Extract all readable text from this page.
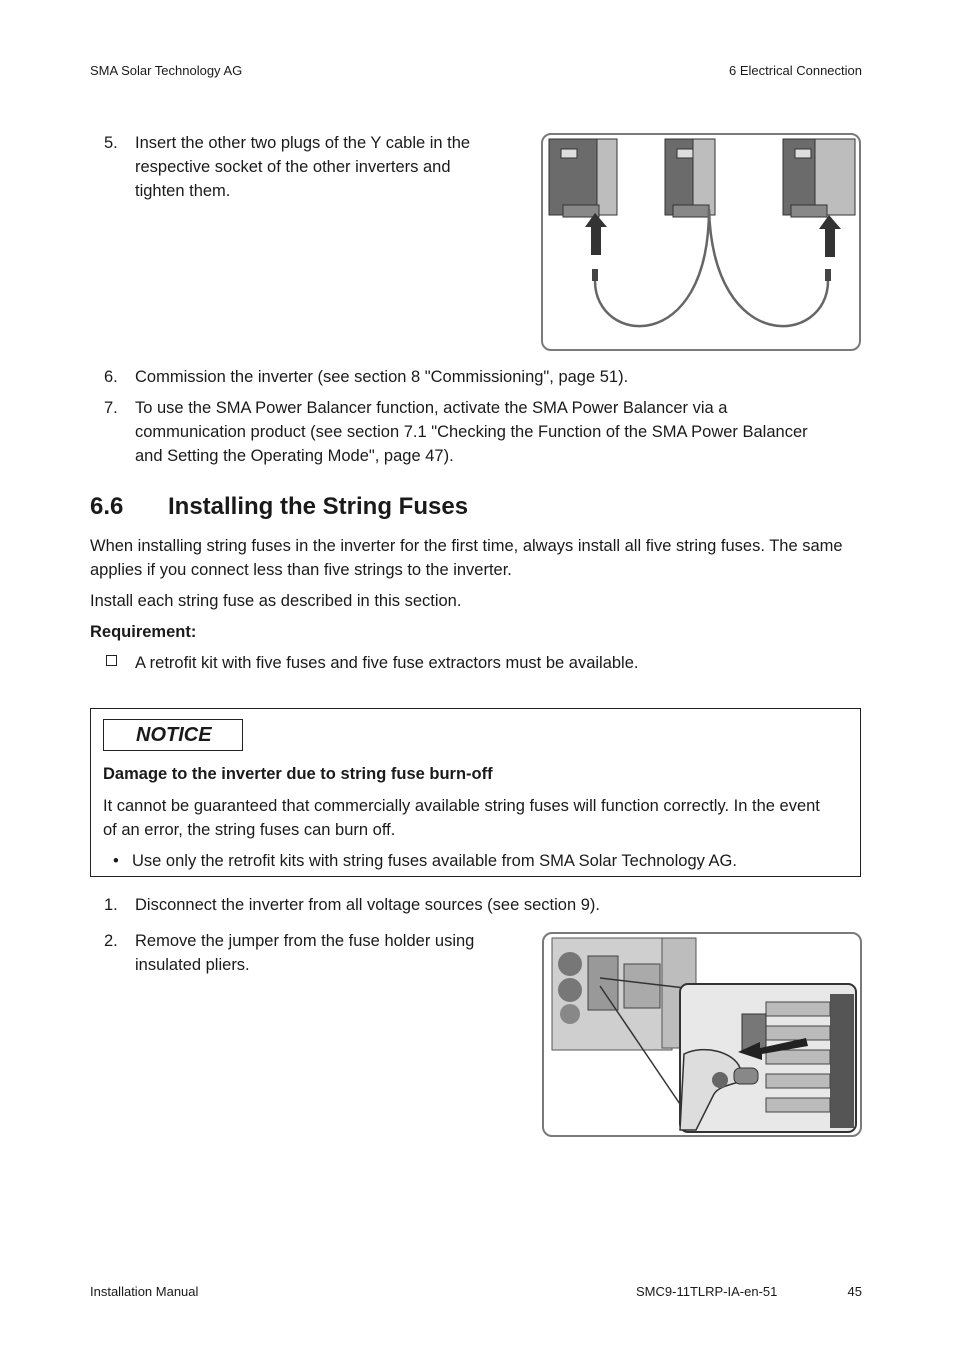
SMA Solar Technology AG	6 Electrical Connection
5. Insert the other two plugs of the Y cable in the
respective socket of the other inverters and
tighten them.
6. Commission the inverter (see section 8 "Commissioning", page 51).
7. To use the SMA Power Balancer function, activate the SMA Power Balancer via a
communication product (see section 7.1 "Checking the Function of the SMA Power Balancer
and Setting the Operating Mode", page 47).
6.6 Installing the String Fuses
When installing string fuses in the inverter for the first time, always install all five string fuses. The same
applies if you connect less than five strings to the inverter.
Install each string fuse as described in this section.
Requirement:
A retrofit kit with five fuses and five fuse extractors must be available.
NOTICE
Damage to the inverter due to string fuse burn-off
It cannot be guaranteed that commercially available string fuses will function correctly. In the event
of an error, the string fuses can burn off.
• Use only the retrofit kits with string fuses available from SMA Solar Technology AG.
1. Disconnect the inverter from all voltage sources (see section 9).
2. Remove the jumper from the fuse holder using
insulated pliers.
Installation Manual	SMC9-11TLRP-IA-en-51	45
